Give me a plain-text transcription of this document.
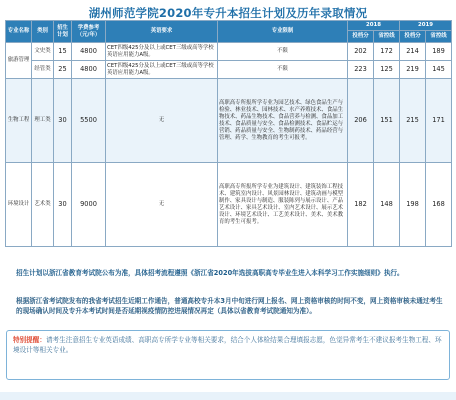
湖州师范学院2020年专升本招生计划及历年录取情况
专业名称	类别	招生计划	学费参考（元/年）	英语要求	专业限制	2018		2019	
						投档分	省控线	投档分	省控线
旅游管理	文史类	15	4800	CET四级425分及以上或CET三级或高等学校英语应用能力A级。	不限	202	172	214	189
	经管类	25	4800	CET四级425分及以上或CET三级或高等学校英语应用能力A级。	不限	223	125	219	145
生物工程	理工类	30	5500	无	高职高专所报所学专业为园艺技术、绿色食品生产与检验、林业技术、园林技术、水产养殖技术、食品生物技术、药品生物技术、食品营养与检测、食品加工技术、食品质量与安全、食品检测技术、食品贮运与营销、药品质量与安全、生物制药技术、药品经营与管理、药学、生物教育的考生可报考。	206	151	215	171
环境设计	艺术类	30	9000	无	高职高专所报所学专业为建筑设计、建筑装饰工程技术、建筑室内设计、风景园林设计、建筑动画与模型制作、家具设计与制造、服装陈列与展示设计、产品艺术设计、家具艺术设计、室内艺术设计、展示艺术设计、环境艺术设计、工艺美术设计、美术、美术教育的考生可报考。	182	148	198	168
招生计划以浙江省教育考试院公布为准，具体招考流程遵照《浙江省2020年选拔高职高专毕业生进入本科学习工作实施细则》执行。
根据浙江省考试院发布的我省考试招生近期工作通告，普通高校专升本3月中旬进行网上报名、网上资格审核的时间不变，网上资格审核未通过考生的现场确认时间及专升本考试时间是否延期视疫情防控进展情况再定（具体以省教育考试院通知为准）。
特别提醒：请考生注意招生专业英语成绩、高职高专所学专业等相关要求，结合个人体检结果合理填报志愿，色觉异常考生不建议报考生物工程、环境设计等相关专业。
